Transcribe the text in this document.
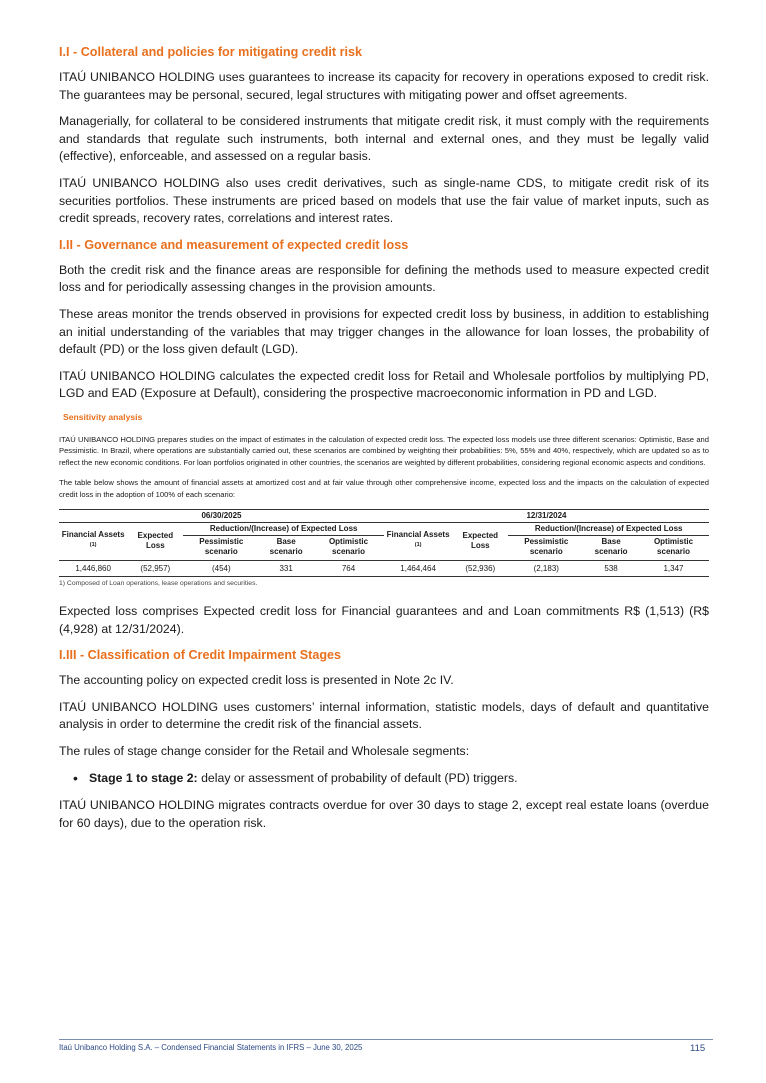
I.I - Collateral and policies for mitigating credit risk

ITAÚ UNIBANCO HOLDING uses guarantees to increase its capacity for recovery in operations exposed to credit risk. The guarantees may be personal, secured, legal structures with mitigating power and offset agreements.

Managerially, for collateral to be considered instruments that mitigate credit risk, it must comply with the requirements and standards that regulate such instruments, both internal and external ones, and they must be legally valid (effective), enforceable, and assessed on a regular basis.

ITAÚ UNIBANCO HOLDING also uses credit derivatives, such as single-name CDS, to mitigate credit risk of its securities portfolios. These instruments are priced based on models that use the fair value of market inputs, such as credit spreads, recovery rates, correlations and interest rates.

I.II - Governance and measurement of expected credit loss

Both the credit risk and the finance areas are responsible for defining the methods used to measure expected credit loss and for periodically assessing changes in the provision amounts.

These areas monitor the trends observed in provisions for expected credit loss by business, in addition to establishing an initial understanding of the variables that may trigger changes in the allowance for loan losses, the probability of default (PD) or the loss given default (LGD).

ITAÚ UNIBANCO HOLDING calculates the expected credit loss for Retail and Wholesale portfolios by multiplying PD, LGD and EAD (Exposure at Default), considering the prospective macroeconomic information in PD and LGD.

Sensitivity analysis

ITAÚ UNIBANCO HOLDING prepares studies on the impact of estimates in the calculation of expected credit loss. The expected loss models use three different scenarios: Optimistic, Base and Pessimistic. In Brazil, where operations are substantially carried out, these scenarios are combined by weighting their probabilities: 5%, 55% and 40%, respectively, which are updated so as to reflect the new economic conditions. For loan portfolios originated in other countries, the scenarios are weighted by different probabilities, considering regional economic aspects and conditions.

The table below shows the amount of financial assets at amortized cost and at fair value through other comprehensive income, expected loss and the impacts on the calculation of expected credit loss in the adoption of 100% of each scenario:

06/30/2025					12/31/2024				
Financial Assets $^{(1)}$	Expected Loss	Reduction/(Increase) of Expected Loss			Financial Assets $^{(1)}$	Expected Loss	Reduction/(Increase) of Expected Loss		
		Pessimistic scenario	Base scenario	Optimistic scenario			Pessimistic scenario	Base scenario	Optimistic scenario
1,446,860	(52,957)	(454)	331	764	1,464,464	(52,936)	(2,183)	538	1,347

1) Composed of Loan operations, lease operations and securities.

Expected loss comprises Expected credit loss for Financial guarantees and and Loan commitments R$ (1,513) (R$ (4,928) at 12/31/2024).

I.III - Classification of Credit Impairment Stages

The accounting policy on expected credit loss is presented in Note 2c IV.

ITAÚ UNIBANCO HOLDING uses customers’ internal information, statistic models, days of default and quantitative analysis in order to determine the credit risk of the financial assets.

The rules of stage change consider for the Retail and Wholesale segments:

• Stage 1 to stage 2: delay or assessment of probability of default (PD) triggers.

ITAÚ UNIBANCO HOLDING migrates contracts overdue for over 30 days to stage 2, except real estate loans (overdue for 60 days), due to the operation risk.

Itaú Unibanco Holding S.A. – Condensed Financial Statements in IFRS – June 30, 2025	115
